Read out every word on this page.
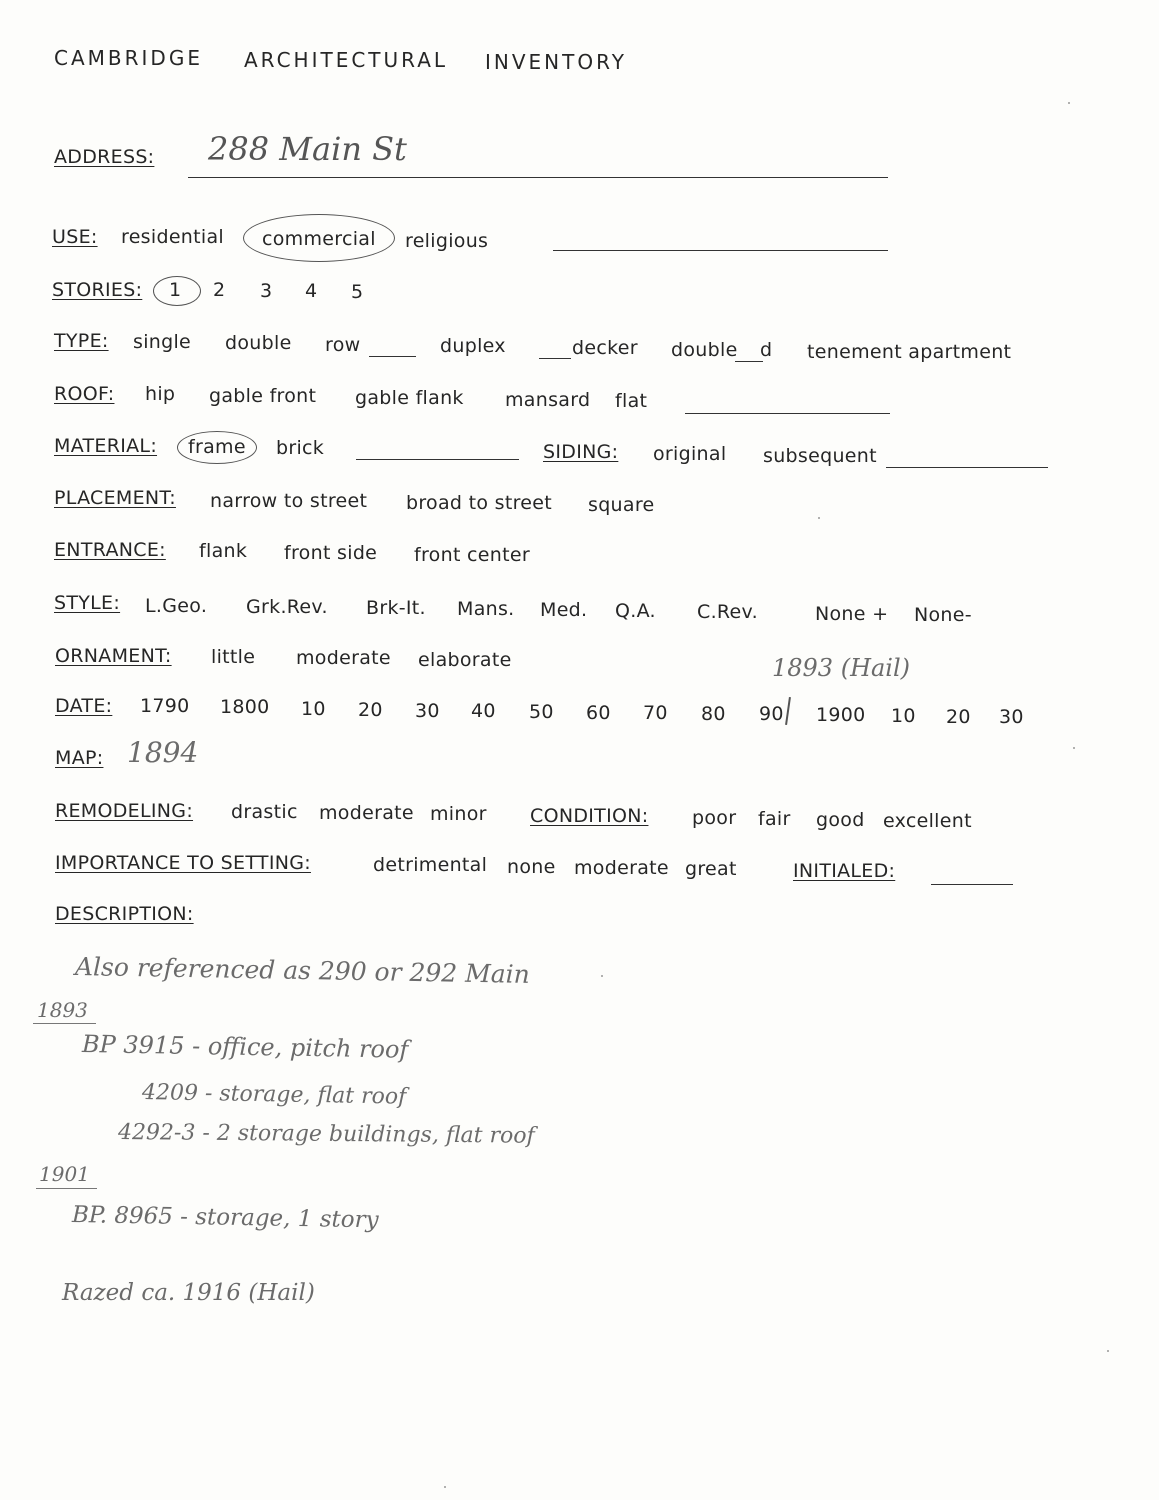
CAMBRIDGE ARCHITECTURAL INVENTORY
ADDRESS: 288 Main St
USE: residential commercial religious
STORIES: 1 2 3 4 5
TYPE: single double row	duplex	decker double d tenement apartment
ROOF: hip gable front gable flank mansard flat
MATERIAL: frame brick	SIDING: original subsequent
PLACEMENT: narrow to street broad to street square
ENTRANCE: flank front side front center
STYLE: L.Geo. Grk.Rev. Brk-It. Mans. Med. Q.A. C.Rev.	None + None-
ORNAMENT: little moderate elaborate	1893 (Hail)
DATE: 1790 1800 10 20 30 40 50 60 70 80 90 1900 10 20 30
MAP: 1894
REMODELING: drastic moderate minor CONDITION: poor fair good excellent
IMPORTANCE TO SETTING:	detrimental none moderate great	INITIALED:
DESCRIPTION:
Also referenced as 290 or 292 Main
1893
BP 3915 - office, pitch roof
4209 - storage, flat roof
4292-3 - 2 storage buildings, flat roof
1901
BP. 8965 - storage, 1 story
Razed ca. 1916 (Hail)
